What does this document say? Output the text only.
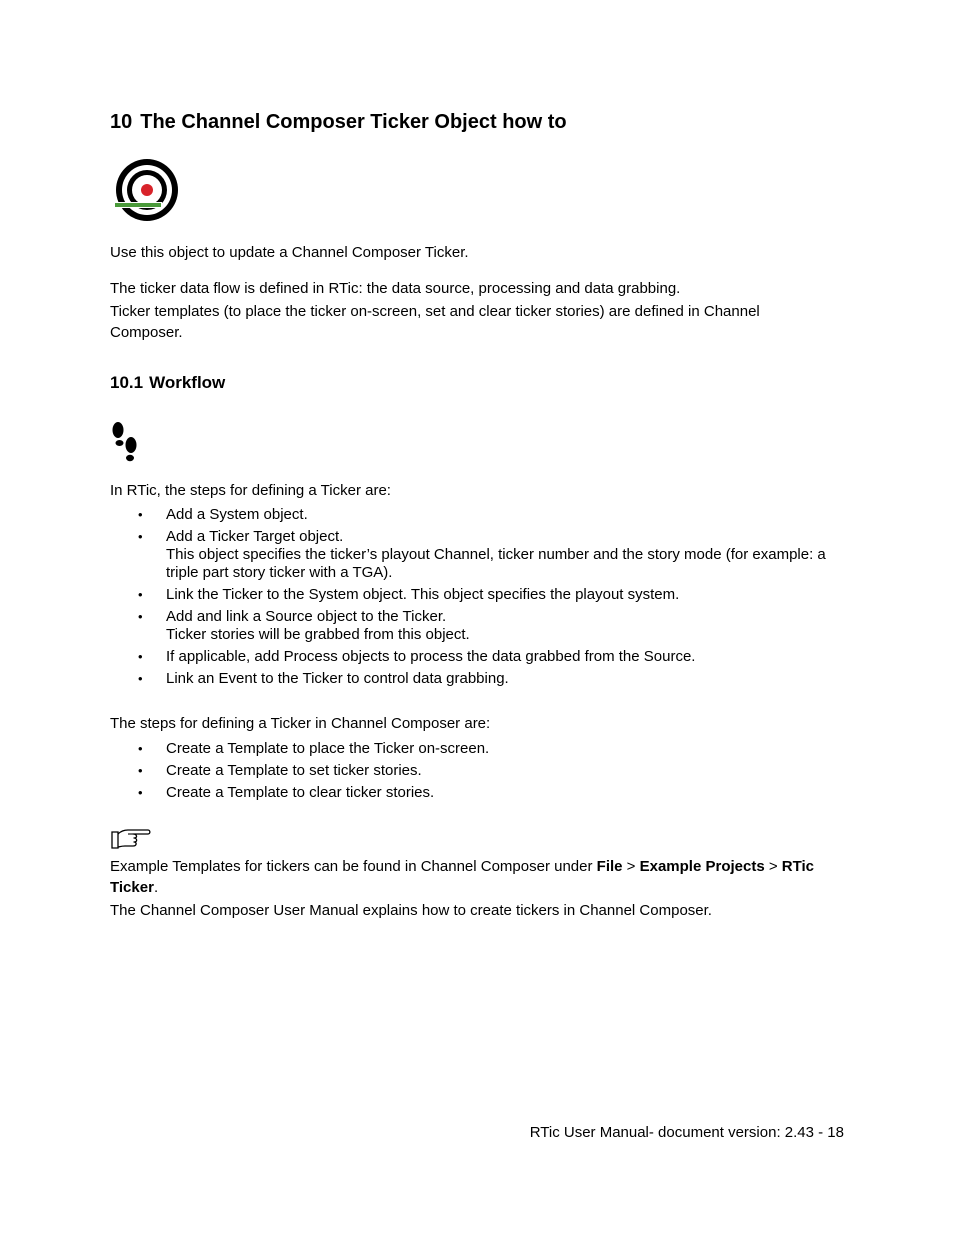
10 The Channel Composer Ticker Object how to

Use this object to update a Channel Composer Ticker.

The ticker data flow is defined in RTic: the data source, processing and data grabbing.

Ticker templates (to place the ticker on-screen, set and clear ticker stories) are defined in Channel Composer.

10.1 Workflow

In RTic, the steps for defining a Ticker are:

• Add a System object.
• Add a Ticker Target object.
This object specifies the ticker’s playout Channel, ticker number and the story mode (for example: a triple part story ticker with a TGA).
• Link the Ticker to the System object. This object specifies the playout system.
• Add and link a Source object to the Ticker.
Ticker stories will be grabbed from this object.
• If applicable, add Process objects to process the data grabbed from the Source.
• Link an Event to the Ticker to control data grabbing.

The steps for defining a Ticker in Channel Composer are:

• Create a Template to place the Ticker on-screen.
• Create a Template to set ticker stories.
• Create a Template to clear ticker stories.

Example Templates for tickers can be found in Channel Composer under File > Example Projects > RTic Ticker.

The Channel Composer User Manual explains how to create tickers in Channel Composer.

RTic User Manual- document version: 2.43 - 18
